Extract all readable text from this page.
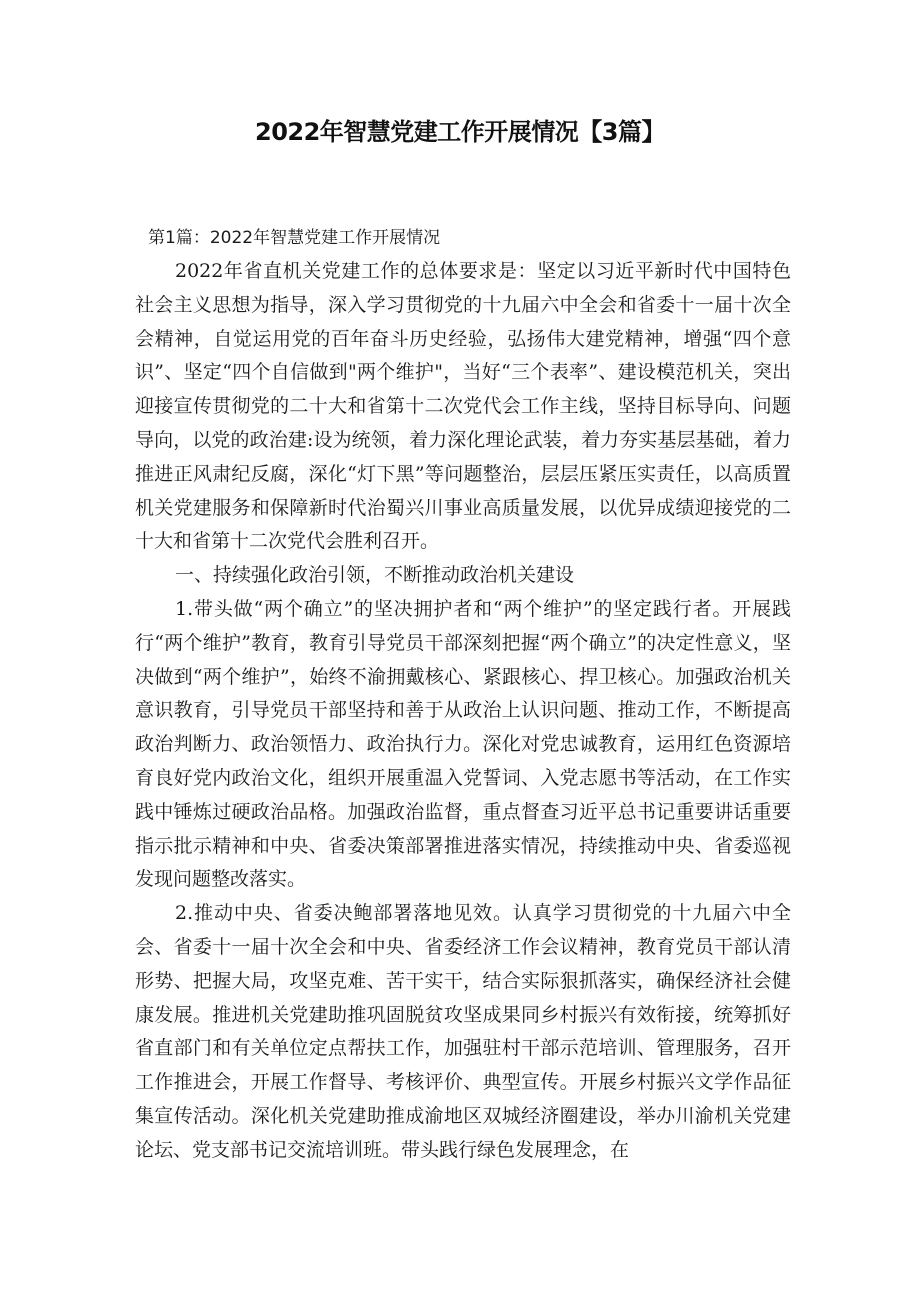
2022年智慧党建工作开展情况【3篇】
第1篇：2022年智慧党建工作开展情况

2022年省直机关党建工作的总体要求是：坚定以习近平新时代中国特色社会主义思想为指导，深入学习贯彻党的十九届六中全会和省委十一届十次全会精神，自觉运用党的百年奋斗历史经验，弘扬伟大建党精神，增强“四个意识”、坚定“四个自信做到"两个维护"，当好“三个表率”、建设模范机关，突出迎接宣传贯彻党的二十大和省第十二次党代会工作主线，坚持目标导向、问题导向，以党的政治建:设为统领，着力深化理论武装，着力夯实基层基础，着力推进正风肃纪反腐，深化“灯下黑”等问题整治，层层压紧压实责任，以高质置机关党建服务和保障新时代治蜀兴川事业高质量发展，以优异成绩迎接党的二十大和省第十二次党代会胜利召开。

一、持续强化政治引领，不断推动政治机关建设

1.带头做“两个确立”的坚决拥护者和“两个维护”的坚定践行者。开展践行“两个维护”教育，教育引导党员干部深刻把握“两个确立”的决定性意义，坚决做到“两个维护”，始终不渝拥戴核心、紧跟核心、捍卫核心。加强政治机关意识教育，引导党员干部坚持和善于从政治上认识问题、推动工作，不断提高政治判断力、政治领悟力、政治执行力。深化对党忠诚教育，运用红色资源培育良好党内政治文化，组织开展重温入党誓词、入党志愿书等活动，在工作实践中锤炼过硬政治品格。加强政治监督，重点督查习近平总书记重要讲话重要指示批示精神和中央、省委决策部署推进落实情况，持续推动中央、省委巡视发现问题整改落实。

2.推动中央、省委决鲍部署落地见效。认真学习贯彻党的十九届六中全会、省委十一届十次全会和中央、省委经济工作会议精神，教育党员干部认清形势、把握大局，攻坚克难、苦干实干，结合实际狠抓落实，确保经济社会健康发展。推进机关党建助推巩固脱贫攻坚成果同乡村振兴有效衔接，统筹抓好省直部门和有关单位定点帮扶工作，加强驻村干部示范培训、管理服务，召开工作推进会，开展工作督导、考核评价、典型宣传。开展乡村振兴文学作品征集宣传活动。深化机关党建助推成渝地区双城经济圈建设，举办川渝机关党建论坛、党支部书记交流培训班。带头践行绿色发展理念，在
